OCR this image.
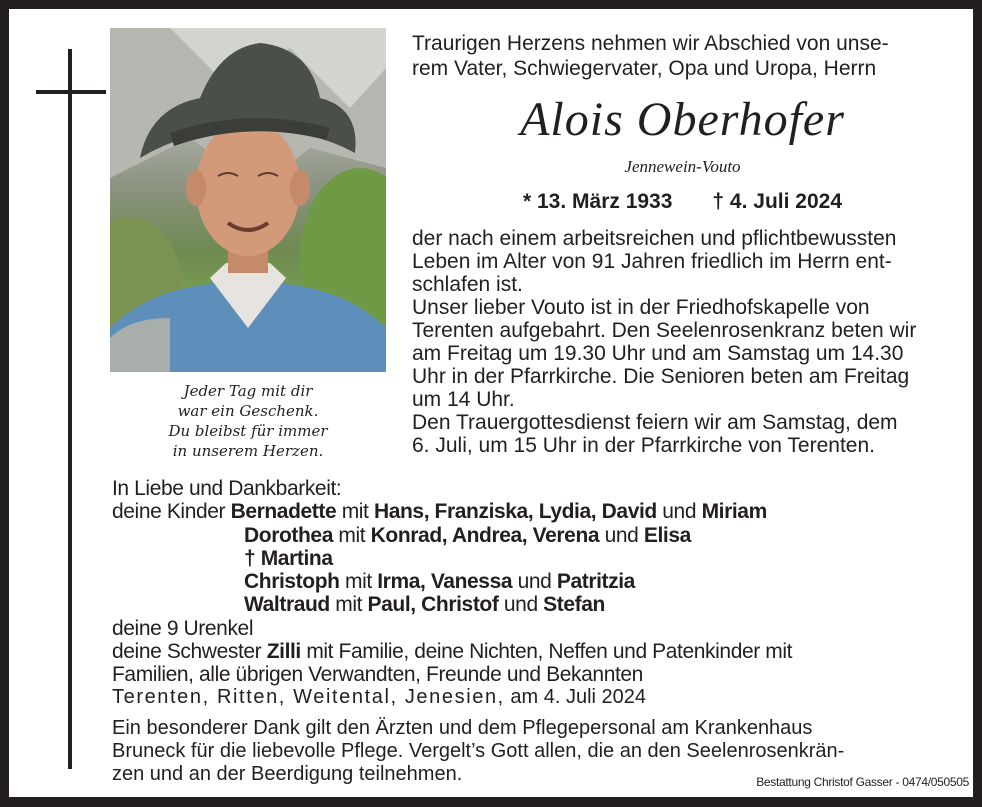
Jeder Tag mit dir
war ein Geschenk.
Du bleibst für immer
in unserem Herzen.
Traurigen Herzens nehmen wir Abschied von unse-
rem Vater, Schwiegervater, Opa und Uropa, Herrn
Alois Oberhofer
Jennewein-Vouto
* 13. März 1933 † 4. Juli 2024
der nach einem arbeitsreichen und pflichtbewussten
Leben im Alter von 91 Jahren friedlich im Herrn ent-
schlafen ist.
Unser lieber Vouto ist in der Friedhofskapelle von
Terenten aufgebahrt. Den Seelenrosenkranz beten wir
am Freitag um 19.30 Uhr und am Samstag um 14.30
Uhr in der Pfarrkirche. Die Senioren beten am Freitag
um 14 Uhr.
Den Trauergottesdienst feiern wir am Samstag, dem
6. Juli, um 15 Uhr in der Pfarrkirche von Terenten.
In Liebe und Dankbarkeit:
deine Kinder Bernadette mit Hans, Franziska, Lydia, David und Miriam
Dorothea mit Konrad, Andrea, Verena und Elisa
† Martina
Christoph mit Irma, Vanessa und Patritzia
Waltraud mit Paul, Christof und Stefan
deine 9 Urenkel
deine Schwester Zilli mit Familie, deine Nichten, Neffen und Patenkinder mit
Familien, alle übrigen Verwandten, Freunde und Bekannten
Terenten, Ritten, Weitental, Jenesien, am 4. Juli 2024
Ein besonderer Dank gilt den Ärzten und dem Pflegepersonal am Krankenhaus
Bruneck für die liebevolle Pflege. Vergelt’s Gott allen, die an den Seelenrosenkrän-
zen und an der Beerdigung teilnehmen.	Bestattung Christof Gasser - 0474/050505
